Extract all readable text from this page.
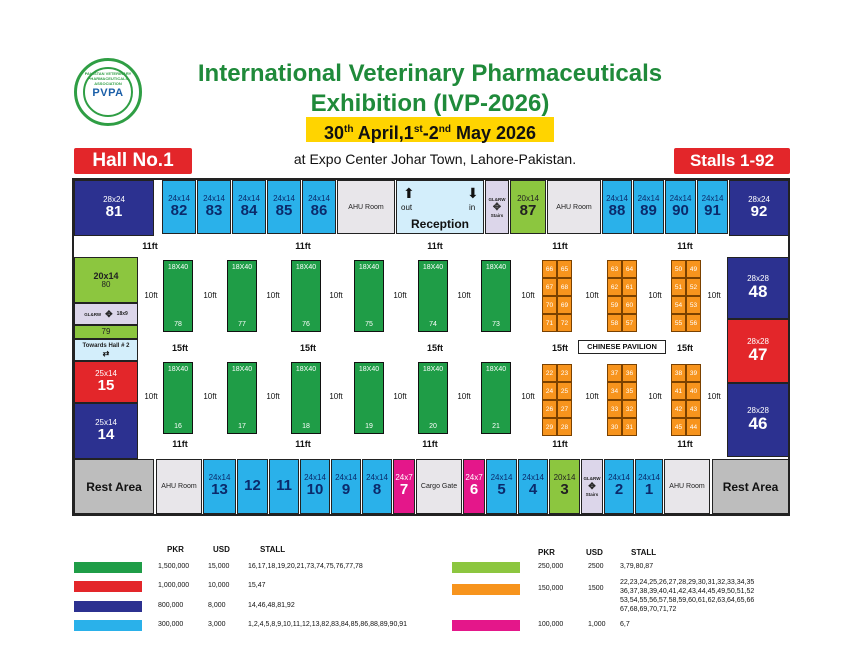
PAKISTAN VETERINARY PHARMACEUTICALS ASSOCIATION
PVPA
International Veterinary Pharmaceuticals
Exhibition (IVP-2026)
30th April,1st-2nd May 2026
at Expo Center Johar Town, Lahore-Pakistan.
Hall No.1	Stalls 1-92
28x24
81
24x14
82
24x14
83
24x14
84
24x14
85
24x14
86	AHU Room
⬆
out
⬇
in
Reception
GL&RW
✥
Stairs
20x14
87	AHU Room
24x14
88
24x14
89
24x14
90
24x14
91
28x24
92
11ft	11ft	11ft	11ft	11ft
20x14
80
GL&RW ✥ 18x9
79
Towards Hall # 2
⇄
25x14
15
25x14
14
28x28
48
28x28
47
28x28
46
18X40
78
18X40
77
18X40
76
18X40
75
18X40
74
18X40
73
10ft	10ft	10ft	10ft	10ft	10ft	10ft	10ft	10ft	10ft
66	65
67	68
70	69
71	72
63	64
62	61
59	60
58	57
50	49
51	52
54	53
55	56
22	23
24	25
26	27
29	28
37	36
34	35
33	32
30	31
38	39
41	40
42	43
45	44
15ft	15ft	15ft	15ft	15ft
CHINESE PAVILION
18X40
16
18X40
17
18X40
18
18X40
19
18X40
20
18X40
21
10ft	10ft	10ft	10ft	10ft	10ft	10ft	10ft	10ft	10ft
11ft	11ft	11ft	11ft	11ft
Rest Area	AHU Room
24x14
13 12 11 24x14
10
24x14
9
24x14
8
24x7
7 Cargo Gate
24x7
6
24x14
5
24x14
4
20x14
3
24x14
2
24x14
1 AHU Room Rest Area
GL&RW
✥
Stairs
PKR	USD	STALL	PKR	USD	STALL
1,500,000	15,000	16,17,18,19,20,21,73,74,75,76,77,78
1,000,000	10,000	15,47
800,000	8,000	14,46,48,81,92
300,000	3,000	1,2,4,5,8,9,10,11,12,13,82,83,84,85,86,88,89,90,91
250,000	2500 3,79,80,87
150,000	1500
22,23,24,25,26,27,28,29,30,31,32,33,34,35
36,37,38,39,40,41,42,43,44,45,49,50,51,52
53,54,55,56,57,58,59,60,61,62,63,64,65,66
67,68,69,70,71,72
100,000	1,000 6,7
